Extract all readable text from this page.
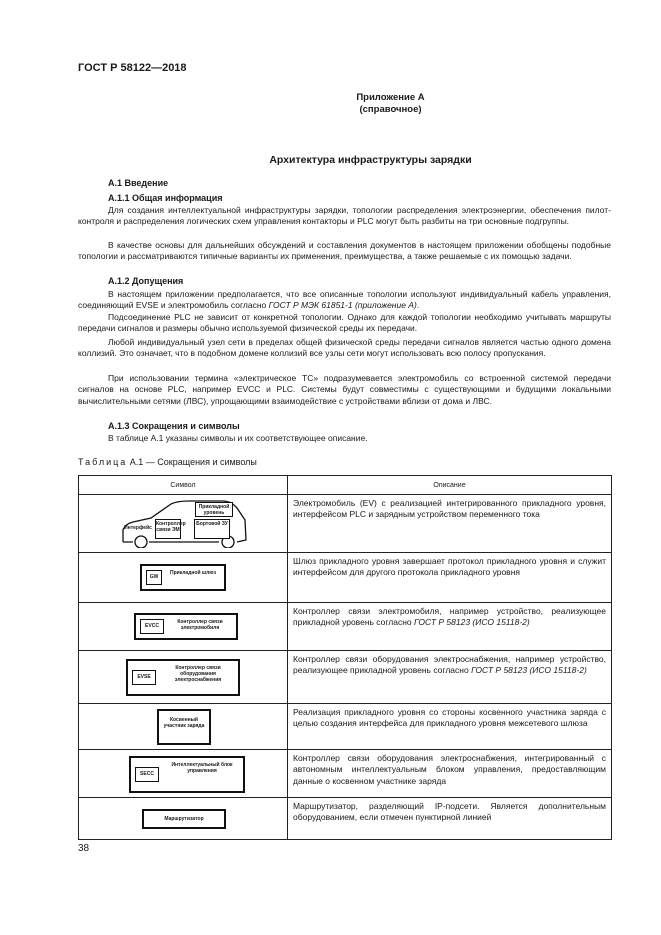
ГОСТ Р 58122—2018
Приложение А
(справочное)
Архитектура инфраструктуры зарядки
А.1 Введение
А.1.1 Общая информация
Для создания интеллектуальной инфраструктуры зарядки, топологии распределения электроэнергии, обеспечения пилот-контроля и распределения логических схем управления контакторы и PLC могут быть разбиты на три основные подгруппы.
В качестве основы для дальнейших обсуждений и составления документов в настоящем приложении обобщены подобные топологии и рассматриваются типичные варианты их применения, преимущества, а также решаемые с их помощью задачи.
А.1.2 Допущения
В настоящем приложении предполагается, что все описанные топологии используют индивидуальный кабель управления, соединяющий EVSE и электромобиль согласно ГОСТ Р МЭК 61851-1 (приложение А).
Подсоединение PLC не зависит от конкретной топологии. Однако для каждой топологии необходимо учитывать маршруты передачи сигналов и размеры обычно используемой физической среды их передачи.
Любой индивидуальный узел сети в пределах общей физической среды передачи сигналов является частью одного домена коллизий. Это означает, что в подобном домене коллизий все узлы сети могут использовать всю полосу пропускания.
При использовании термина «электрическое ТС» подразумевается электромобиль со встроенной системой передачи сигналов на основе PLC, например EVCC и PLC. Системы будут совместимы с существующими и будущими локальными вычислительными сетями (ЛВС), упрощающими взаимодействие с устройствами вблизи от дома и ЛВС.
А.1.3 Сокращения и символы
В таблице А.1 указаны символы и их соответствующее описание.
Таблица А.1 — Сокращения и символы
Символ	Описание

Прикладной уровень
Контроллер связи ЭМ
Бортовой ЗУ
Интерфейс	Электромобиль (EV) с реализацией интегрированного прикладного уровня, интерфейсом PLC и зарядным устройством переменного тока

GW
Прикладной шлюз	Шлюз прикладного уровня завершает протокол прикладного уровня и служит интерфейсом для другого протокола прикладного уровня

EVCC
Контроллер связи электромобиля	Контроллер связи электромобиля, например устройство, реализующее прикладной уровень согласно ГОСТ Р 58123 (ИСО 15118-2)

EVSE
Контроллер связи оборудования электроснабжения	Контроллер связи оборудования электроснабжения, например устройство, реализующее прикладной уровень согласно ГОСТ Р 58123 (ИСО 15118-2)

Косвенный участник заряда	Реализация прикладного уровня со стороны косвенного участника заряда с целью создания интерфейса для прикладного уровня межсетевого шлюза

SECC
Интеллектуальный блок управления	Контроллер связи оборудования электроснабжения, интегрированный с автономным интеллектуальным блоком управления, предоставляющим данные о косвенном участнике заряда

Маршрутизатор	Маршрутизатор, разделяющий IP-подсети. Является дополнительным оборудованием, если отмечен пунктирной линией
38
